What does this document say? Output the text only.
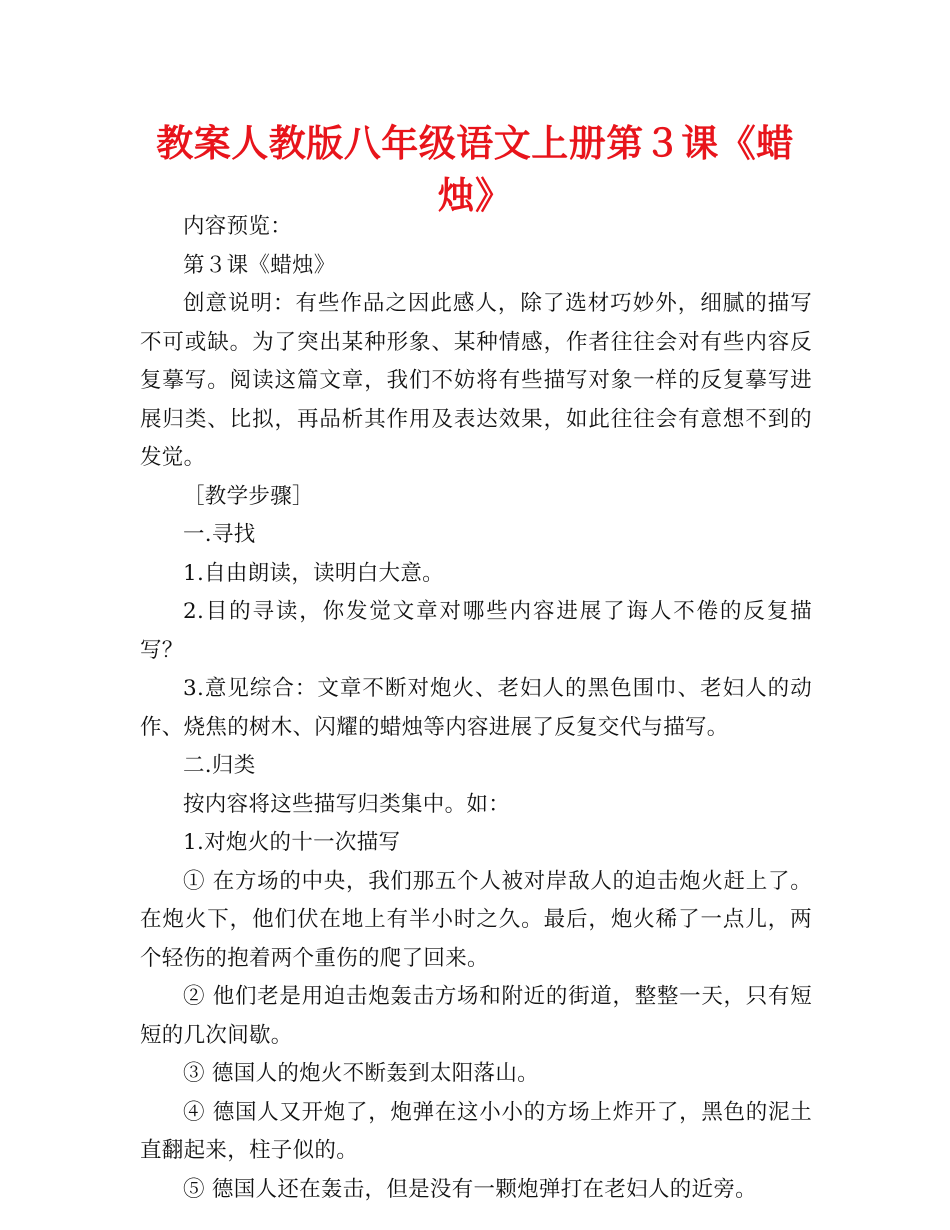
教案人教版八年级语文上册第３课《蜡烛》

内容预览：

第３课《蜡烛》

创意说明：有些作品之因此感人，除了选材巧妙外，细腻的描写不可或缺。为了突出某种形象、某种情感，作者往往会对有些内容反复摹写。阅读这篇文章，我们不妨将有些描写对象一样的反复摹写进展归类、比拟，再品析其作用及表达效果，如此往往会有意想不到的发觉。

［教学步骤］

一.寻找

1.自由朗读，读明白大意。

2.目的寻读，你发觉文章对哪些内容进展了诲人不倦的反复描写？

3.意见综合：文章不断对炮火、老妇人的黑色围巾、老妇人的动作、烧焦的树木、闪耀的蜡烛等内容进展了反复交代与描写。

二.归类

按内容将这些描写归类集中。如：

1.对炮火的十一次描写

① 在方场的中央，我们那五个人被对岸敌人的迫击炮火赶上了。在炮火下，他们伏在地上有半小时之久。最后，炮火稀了一点儿，两个轻伤的抱着两个重伤的爬了回来。

② 他们老是用迫击炮轰击方场和附近的街道，整整一天，只有短短的几次间歇。

③ 德国人的炮火不断轰到太阳落山。

④ 德国人又开炮了，炮弹在这小小的方场上炸开了，黑色的泥土直翻起来，柱子似的。

⑤ 德国人还在轰击，但是没有一颗炮弹打在老妇人的近旁。
